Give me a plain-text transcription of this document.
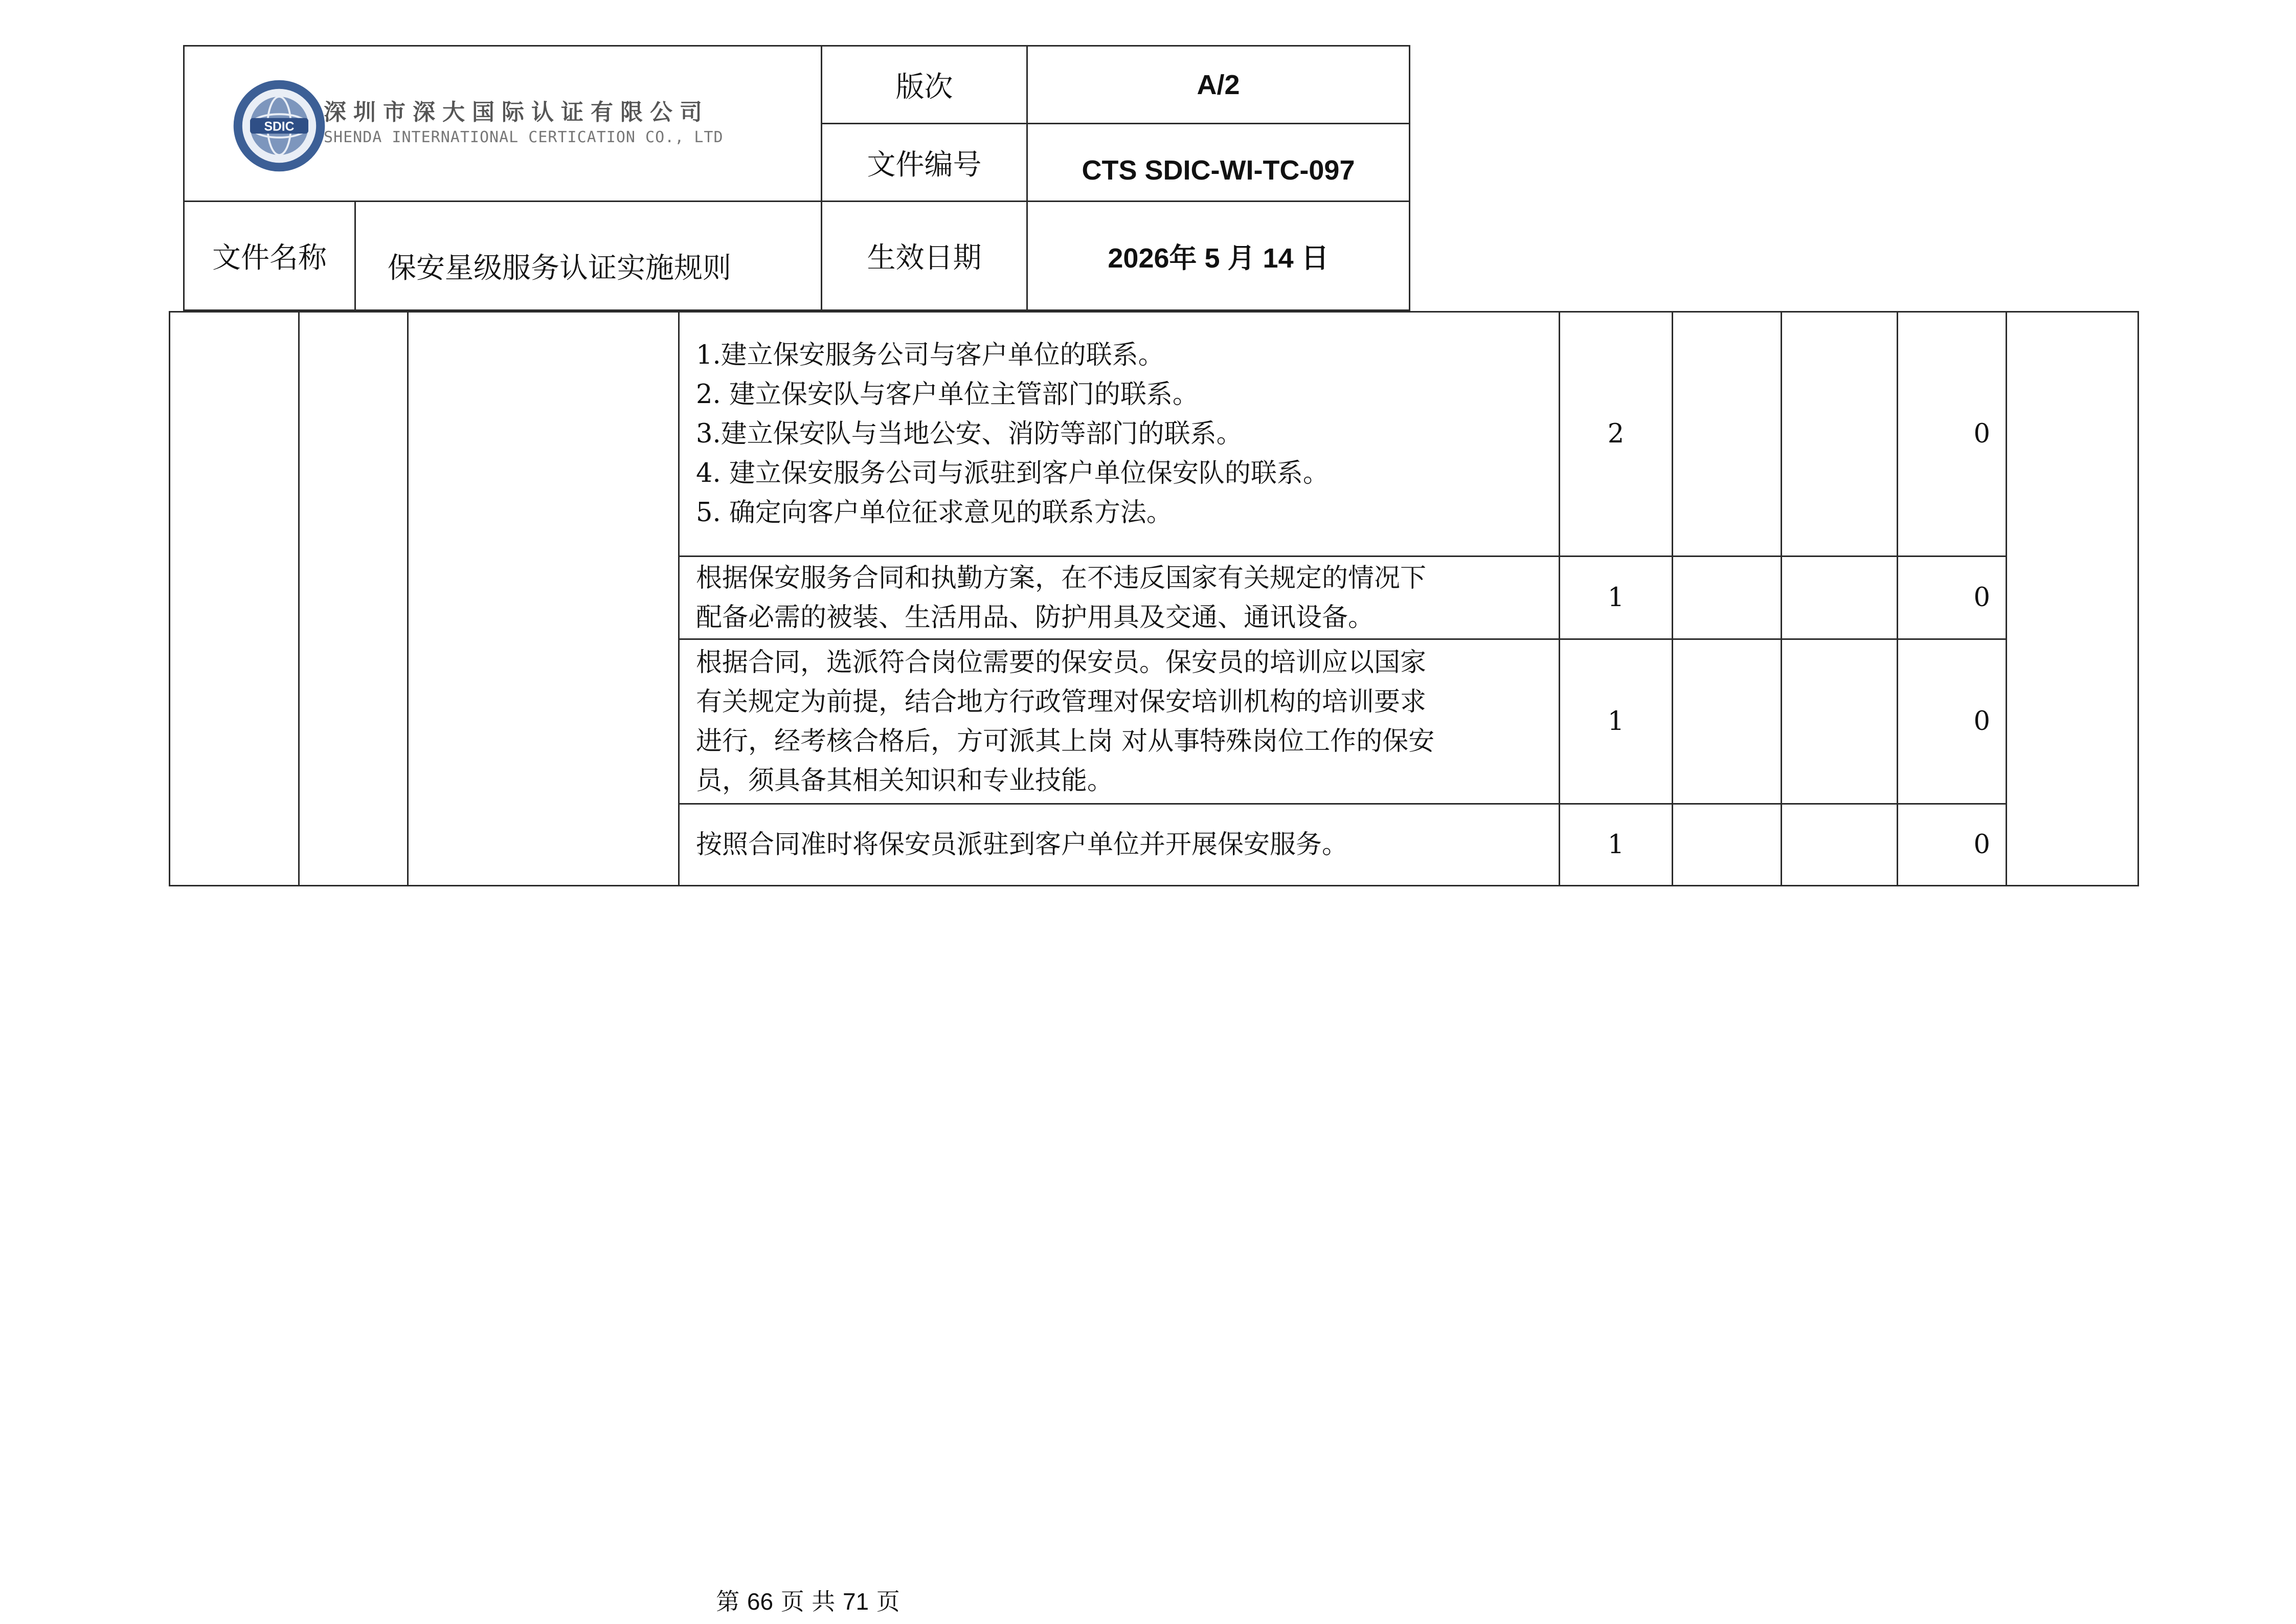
SDIC
深圳市深大国际认证有限公司
SHENDA INTERNATIONAL CERTICATION CO., LTD		版次	A/2
		文件编号	CTS SDIC-WI-TC-097
文件名称	保安星级服务认证实施规则	生效日期	2026年 5 月 14 日

			1.建立保安服务公司与客户单位的联系。
2. 建立保安队与客户单位主管部门的联系。
3.建立保安队与当地公安、消防等部门的联系。
4. 建立保安服务公司与派驻到客户单位保安队的联系。
5. 确定向客户单位征求意见的联系方法。	2			0	

			根据保安服务合同和执勤方案，在不违反国家有关规定的情况下
配备必需的被装、生活用品、防护用具及交通、通讯设备。	1			0	

			根据合同，选派符合岗位需要的保安员。保安员的培训应以国家
有关规定为前提，结合地方行政管理对保安培训机构的培训要求
进行，经考核合格后，方可派其上岗 对从事特殊岗位工作的保安
员，须具备其相关知识和专业技能。	1			0	

			按照合同准时将保安员派驻到客户单位并开展保安服务。	1			0	
第 66 页 共 71 页
